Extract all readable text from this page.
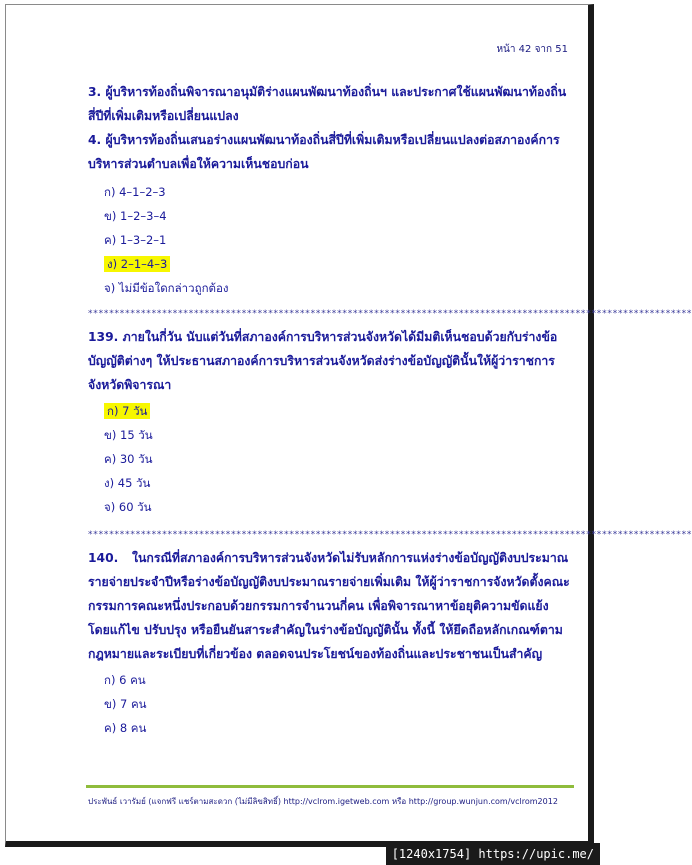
หน้า 42 จาก 51

3. ผู้บริหารท้องถิ่นพิจารณาอนุมัติร่างแผนพัฒนาท้องถิ่นฯ และประกาศใช้แผนพัฒนาท้องถิ่นสี่ปีที่เพิ่มเติมหรือเปลี่ยนแปลง

4. ผู้บริหารท้องถิ่นเสนอร่างแผนพัฒนาท้องถิ่นสี่ปีที่เพิ่มเติมหรือเปลี่ยนแปลงต่อสภาองค์การบริหารส่วนตำบลเพื่อให้ความเห็นชอบก่อน

ก) 4–1–2–3
ข) 1–2–3–4
ค) 1–3–2–1
ง) 2–1–4–3
จ) ไม่มีข้อใดกล่าวถูกต้อง
******************************************************************************************************************

139. ภายในกี่วัน นับแต่วันที่สภาองค์การบริหารส่วนจังหวัดได้มีมติเห็นชอบด้วยกับร่างข้อบัญญัติต่างๆ ให้ประธานสภาองค์การบริหารส่วนจังหวัดส่งร่างข้อบัญญัตินั้นให้ผู้ว่าราชการจังหวัดพิจารณา

ก) 7 วัน
ข) 15 วัน
ค) 30 วัน
ง) 45 วัน
จ) 60 วัน
******************************************************************************************************************

140. ในกรณีที่สภาองค์การบริหารส่วนจังหวัดไม่รับหลักการแห่งร่างข้อบัญญัติงบประมาณรายจ่ายประจำปีหรือร่างข้อบัญญัติงบประมาณรายจ่ายเพิ่มเติม ให้ผู้ว่าราชการจังหวัดตั้งคณะกรรมการคณะหนึ่งประกอบด้วยกรรมการจำนวนกี่คน เพื่อพิจารณาหาข้อยุติความขัดแย้ง โดยแก้ไข ปรับปรุง หรือยืนยันสาระสำคัญในร่างข้อบัญญัตินั้น ทั้งนี้ ให้ยึดถือหลักเกณฑ์ตามกฎหมายและระเบียบที่เกี่ยวข้อง ตลอดจนประโยชน์ของท้องถิ่นและประชาชนเป็นสำคัญ

ก) 6 คน
ข) 7 คน
ค) 8 คน
ประพันธ์ เวารัมย์ (แจกฟรี แชร์ตามสะดวก (ไม่มีลิขสิทธิ์) http://vclrom.igetweb.com หรือ http://group.wunjun.com/vclrom2012
[1240x1754] https://upic.me/
